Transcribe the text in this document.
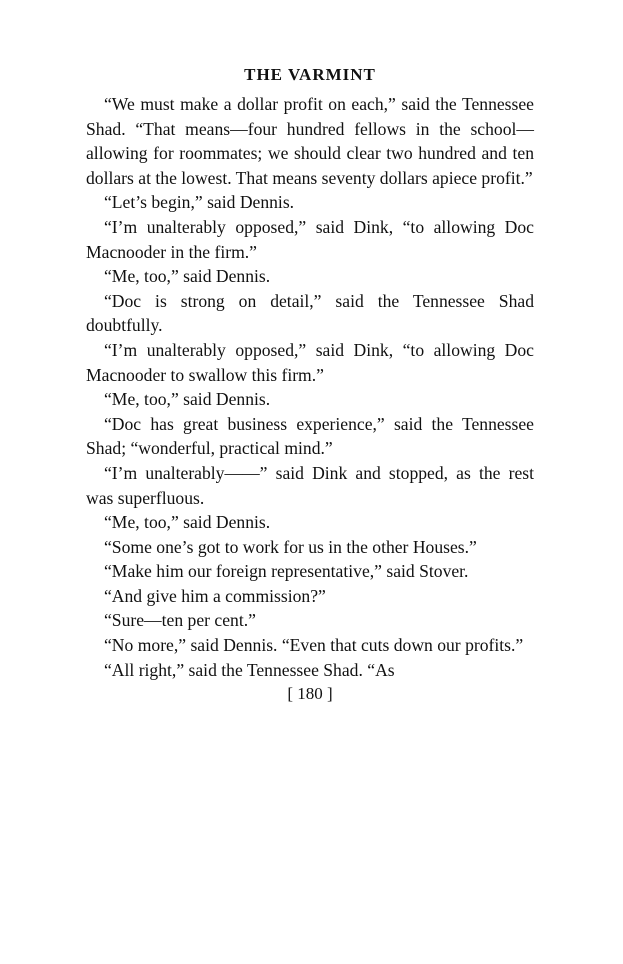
THE VARMINT

“We must make a dollar profit on each,” said the Tennessee Shad. “That means—four hundred fellows in the school—allowing for roommates; we should clear two hundred and ten dollars at the lowest. That means seventy dollars apiece profit.”

“Let’s begin,” said Dennis.

“I’m unalterably opposed,” said Dink, “to allowing Doc Macnooder in the firm.”

“Me, too,” said Dennis.

“Doc is strong on detail,” said the Tennessee Shad doubtfully.

“I’m unalterably opposed,” said Dink, “to allowing Doc Macnooder to swallow this firm.”

“Me, too,” said Dennis.

“Doc has great business experience,” said the Tennessee Shad; “wonderful, practical mind.”

“I’m unalterably——” said Dink and stopped, as the rest was superfluous.

“Me, too,” said Dennis.

“Some one’s got to work for us in the other Houses.”

“Make him our foreign representative,” said Stover.

“And give him a commission?”

“Sure—ten per cent.”

“No more,” said Dennis. “Even that cuts down our profits.”

“All right,” said the Tennessee Shad. “As

[ 180 ]
